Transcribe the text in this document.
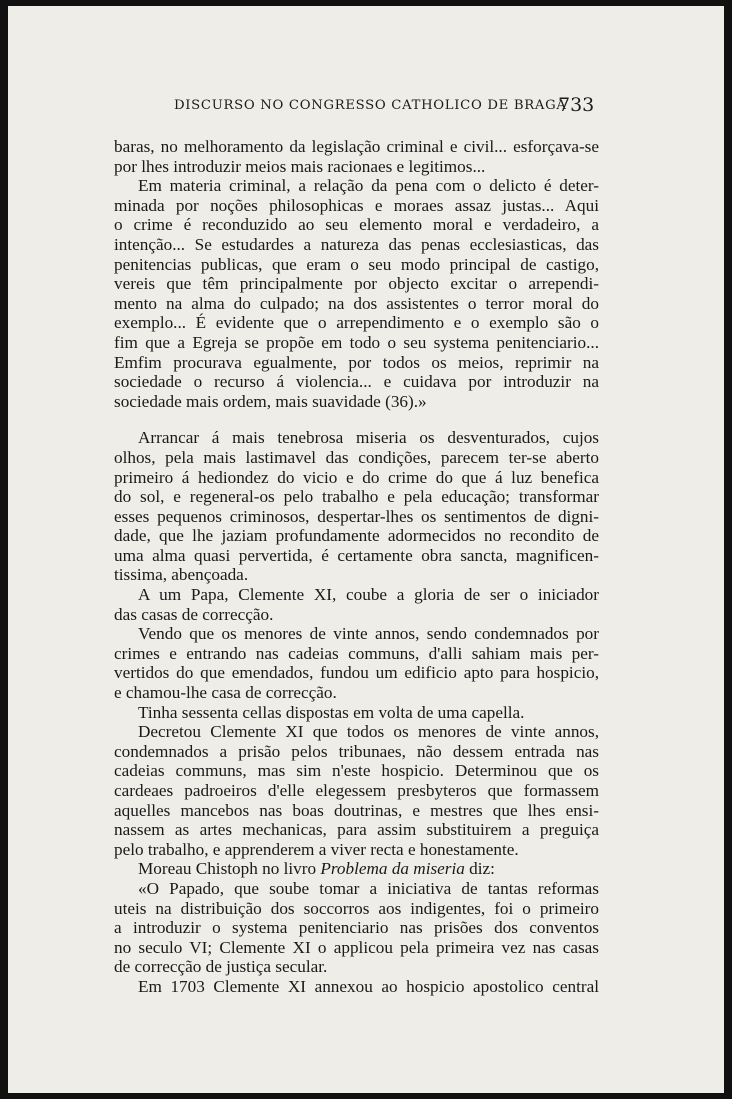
DISCURSO NO CONGRESSO CATHOLICO DE BRAGA
733
baras, no melhoramento da legislação criminal e civil... esforçava-se
por lhes introduzir meios mais racionaes e legitimos...
Em materia criminal, a relação da pena com o delicto é deter-
minada por noções philosophicas e moraes assaz justas... Aqui
o crime é reconduzido ao seu elemento moral e verdadeiro, a
intenção... Se estudardes a natureza das penas ecclesiasticas, das
penitencias publicas, que eram o seu modo principal de castigo,
vereis que têm principalmente por objecto excitar o arrependi-
mento na alma do culpado; na dos assistentes o terror moral do
exemplo... É evidente que o arrependimento e o exemplo são o
fim que a Egreja se propõe em todo o seu systema penitenciario...
Emfim procurava egualmente, por todos os meios, reprimir na
sociedade o recurso á violencia... e cuidava por introduzir na
sociedade mais ordem, mais suavidade (36).»
Arrancar á mais tenebrosa miseria os desventurados, cujos
olhos, pela mais lastimavel das condições, parecem ter-se aberto
primeiro á hediondez do vicio e do crime do que á luz benefica
do sol, e regeneral-os pelo trabalho e pela educação; transformar
esses pequenos criminosos, despertar-lhes os sentimentos de digni-
dade, que lhe jaziam profundamente adormecidos no recondito de
uma alma quasi pervertida, é certamente obra sancta, magnificen-
tissima, abençoada.
A um Papa, Clemente XI, coube a gloria de ser o iniciador
das casas de correcção.
Vendo que os menores de vinte annos, sendo condemnados por
crimes e entrando nas cadeias communs, d'alli sahiam mais per-
vertidos do que emendados, fundou um edificio apto para hospicio,
e chamou-lhe casa de correcção.
Tinha sessenta cellas dispostas em volta de uma capella.
Decretou Clemente XI que todos os menores de vinte annos,
condemnados a prisão pelos tribunaes, não dessem entrada nas
cadeias communs, mas sim n'este hospicio. Determinou que os
cardeaes padroeiros d'elle elegessem presbyteros que formassem
aquelles mancebos nas boas doutrinas, e mestres que lhes ensi-
nassem as artes mechanicas, para assim substituirem a preguiça
pelo trabalho, e apprenderem a viver recta e honestamente.
Moreau Chistoph no livro Problema da miseria diz:
«O Papado, que soube tomar a iniciativa de tantas reformas
uteis na distribuição dos soccorros aos indigentes, foi o primeiro
a introduzir o systema penitenciario nas prisões dos conventos
no seculo VI; Clemente XI o applicou pela primeira vez nas casas
de correcção de justiça secular.
Em 1703 Clemente XI annexou ao hospicio apostolico central
